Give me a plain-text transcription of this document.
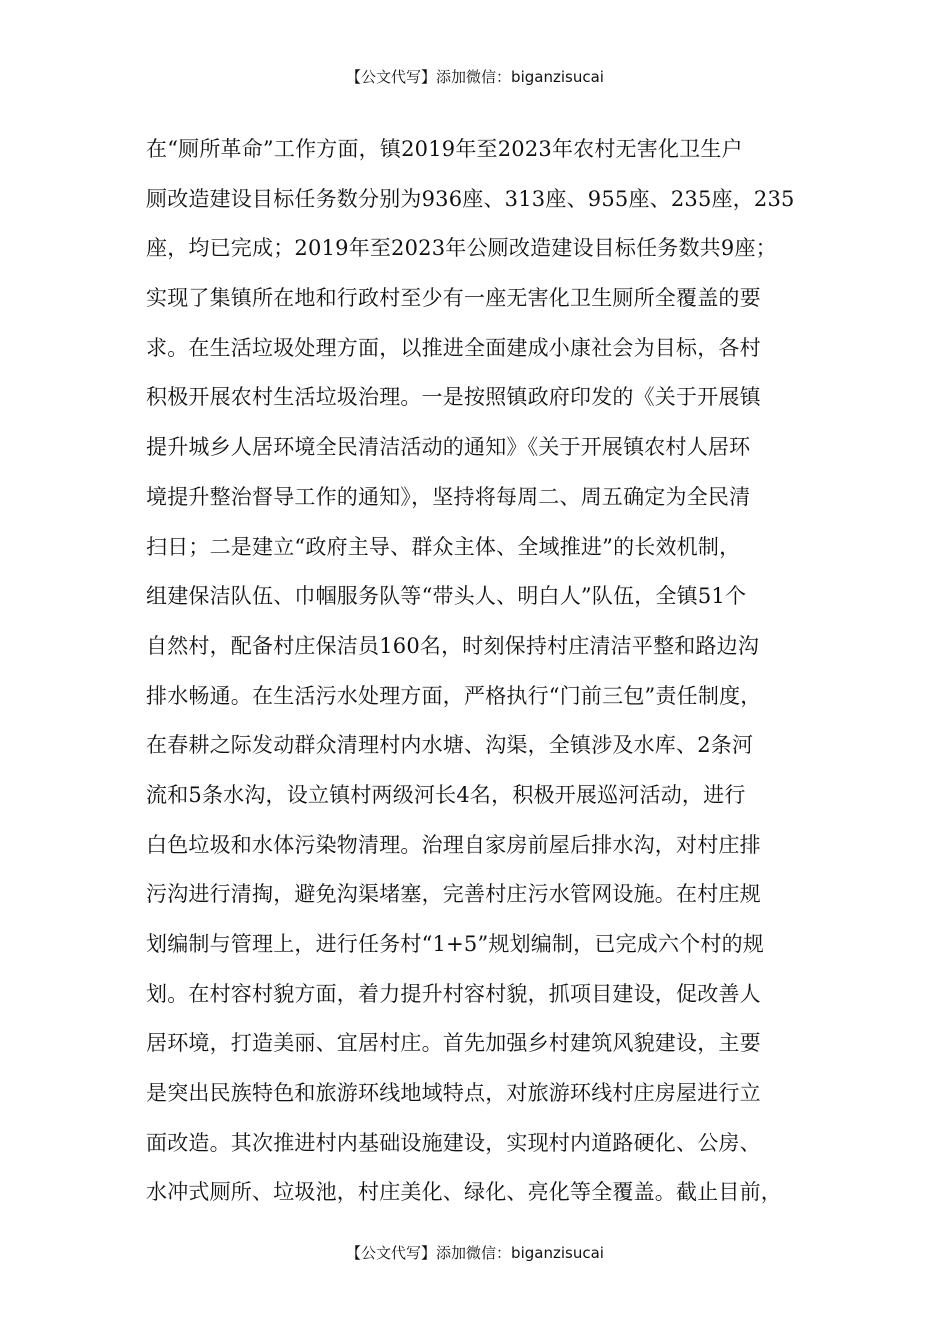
【公文代写】添加微信：biganzisucai
在“厕所革命”工作方面，镇2019年至2023年农村无害化卫生户
厕改造建设目标任务数分别为936座、313座、955座、235座，235
座，均已完成；2019年至2023年公厕改造建设目标任务数共9座；
实现了集镇所在地和行政村至少有一座无害化卫生厕所全覆盖的要
求。在生活垃圾处理方面，以推进全面建成小康社会为目标，各村
积极开展农村生活垃圾治理。一是按照镇政府印发的《关于开展镇
提升城乡人居环境全民清洁活动的通知》《关于开展镇农村人居环
境提升整治督导工作的通知》，坚持将每周二、周五确定为全民清
扫日；二是建立“政府主导、群众主体、全域推进”的长效机制，
组建保洁队伍、巾帼服务队等“带头人、明白人”队伍，全镇51个
自然村，配备村庄保洁员160名，时刻保持村庄清洁平整和路边沟
排水畅通。在生活污水处理方面，严格执行“门前三包”责任制度，
在春耕之际发动群众清理村内水塘、沟渠，全镇涉及水库、2条河
流和5条水沟，设立镇村两级河长4名，积极开展巡河活动，进行
白色垃圾和水体污染物清理。治理自家房前屋后排水沟，对村庄排
污沟进行清掏，避免沟渠堵塞，完善村庄污水管网设施。在村庄规
划编制与管理上，进行任务村“1+5”规划编制，已完成六个村的规
划。在村容村貌方面，着力提升村容村貌，抓项目建设，促改善人
居环境，打造美丽、宜居村庄。首先加强乡村建筑风貌建设，主要
是突出民族特色和旅游环线地域特点，对旅游环线村庄房屋进行立
面改造。其次推进村内基础设施建设，实现村内道路硬化、公房、
水冲式厕所、垃圾池，村庄美化、绿化、亮化等全覆盖。截止目前，
【公文代写】添加微信：biganzisucai
